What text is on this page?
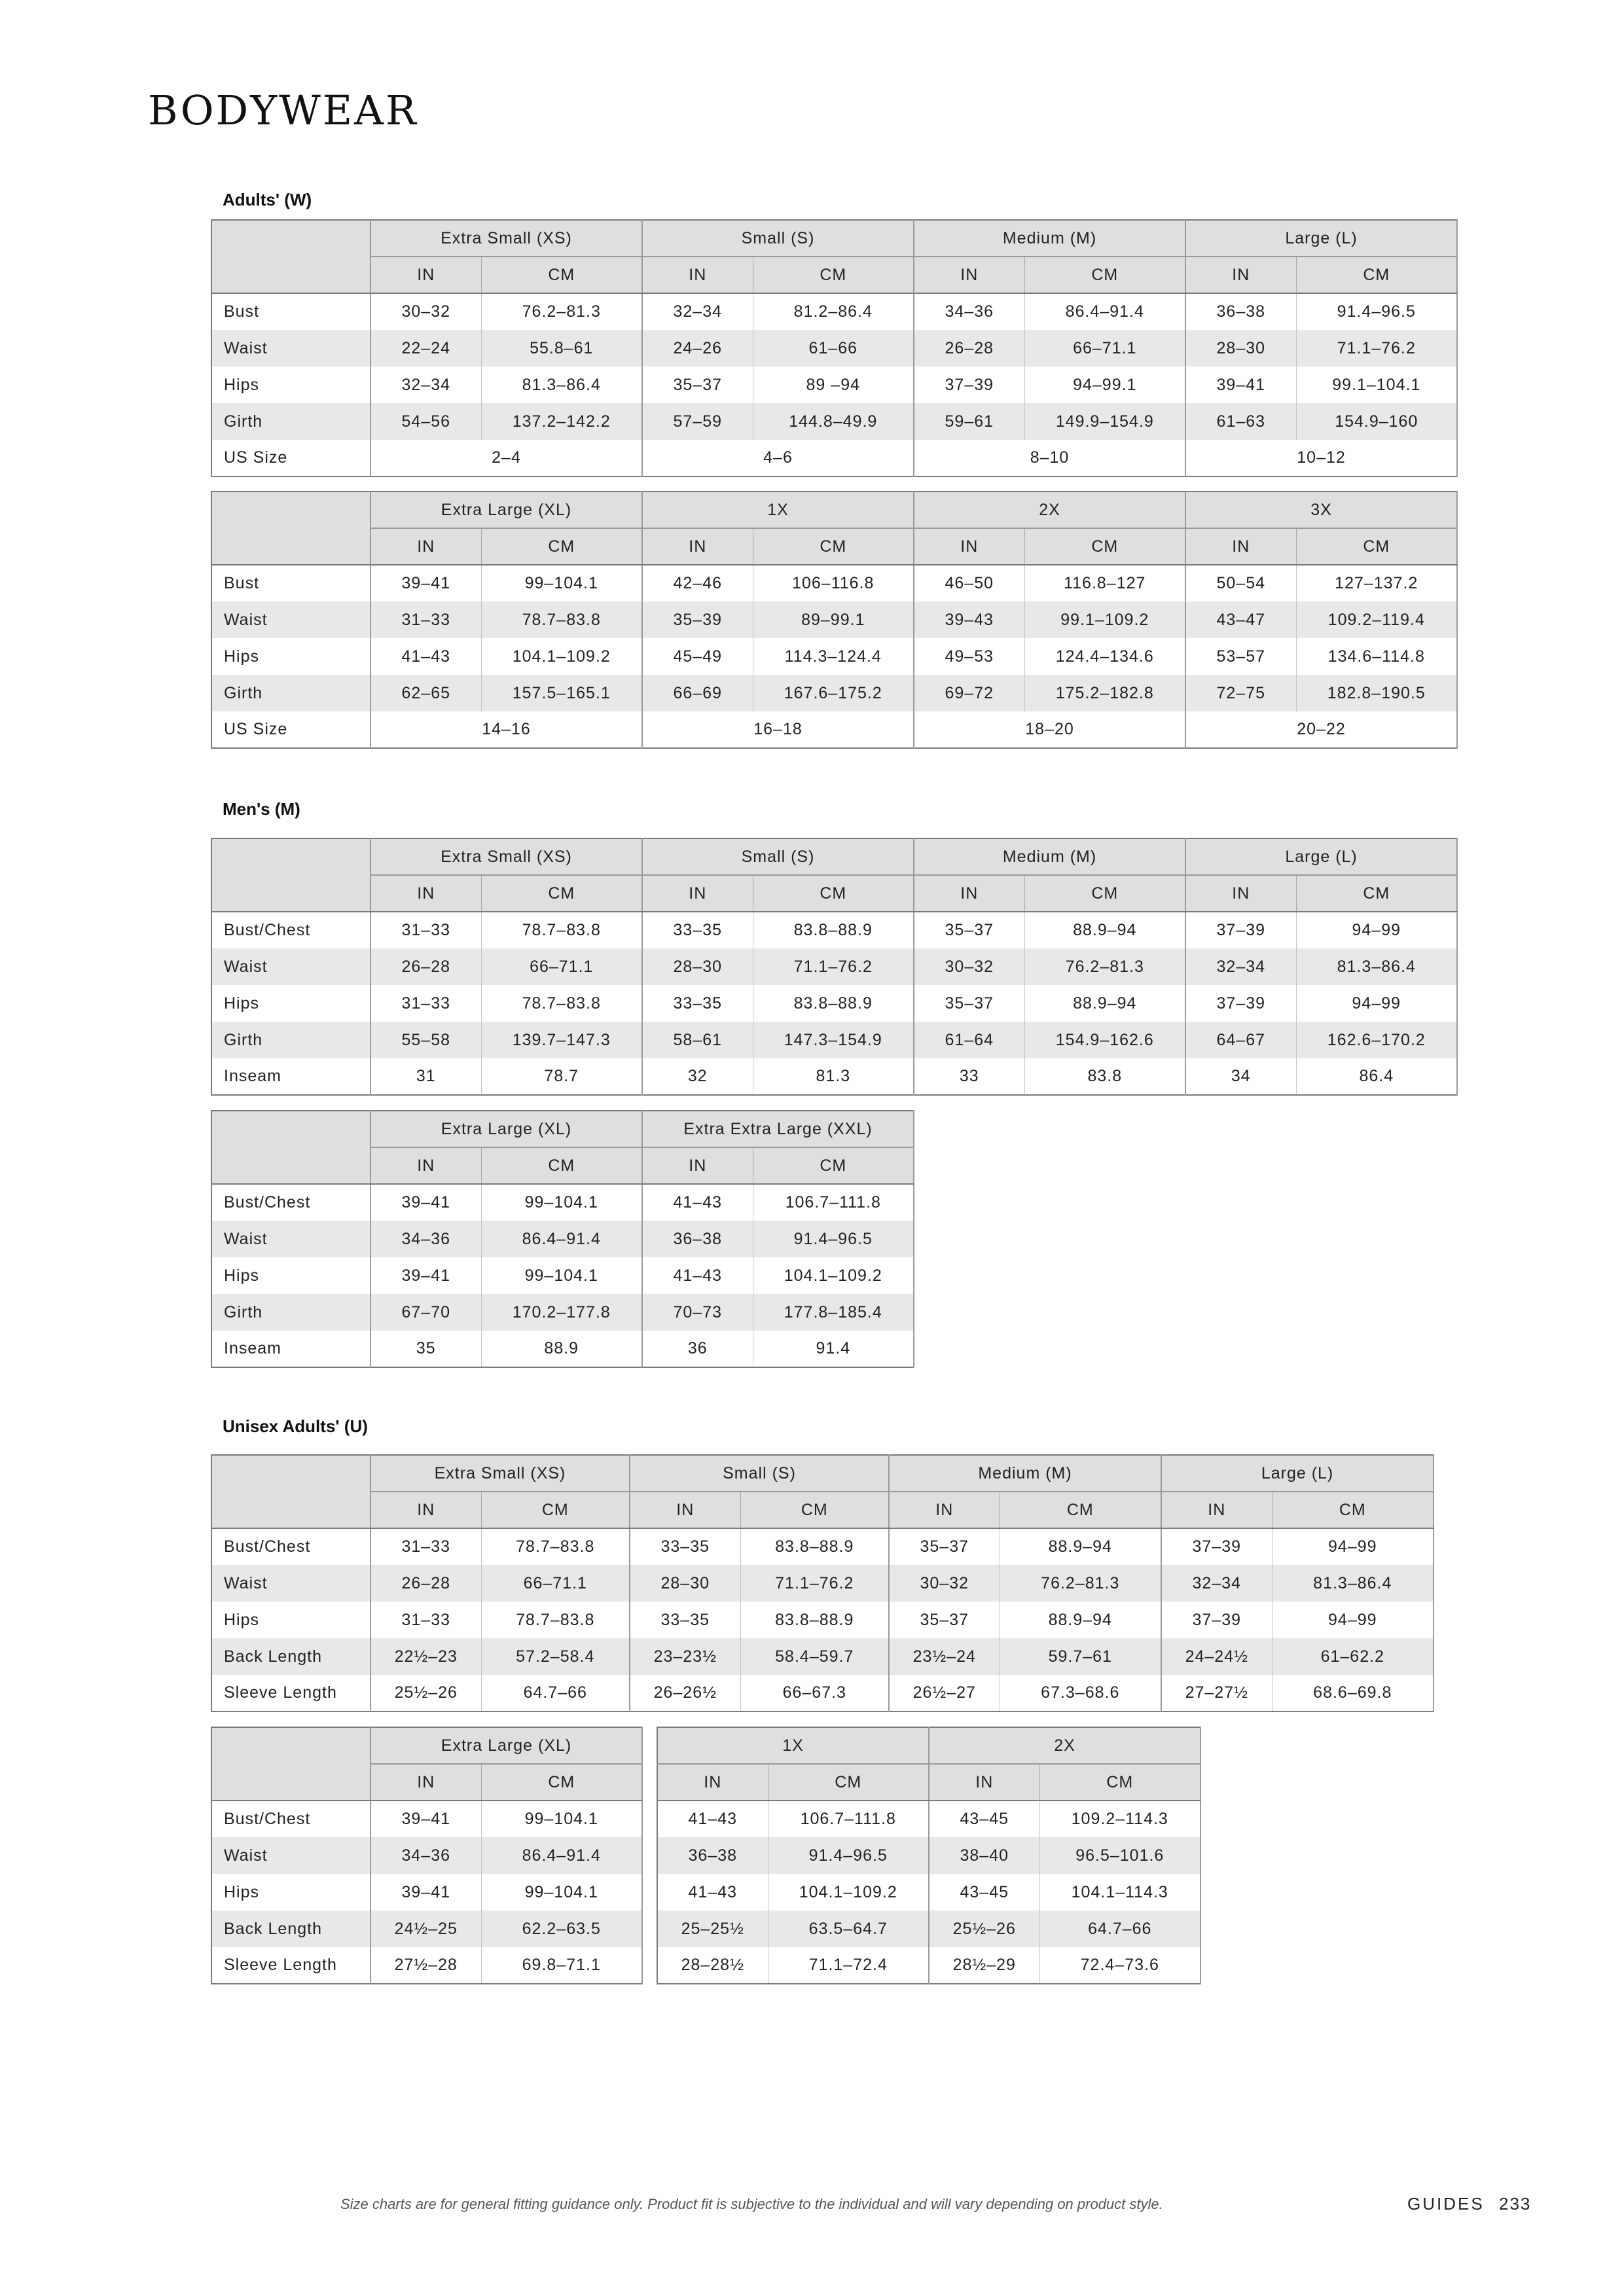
BODYWEAR
Adults' (W)
Men's (M)
Unisex Adults' (U)
	Extra Small (XS)		Small (S)		Medium (M)		Large (L)	
	IN	CM	IN	CM	IN	CM	IN	CM
Bust	30–32	76.2–81.3	32–34	81.2–86.4	34–36	86.4–91.4	36–38	91.4–96.5
Waist	22–24	55.8–61	24–26	61–66	26–28	66–71.1	28–30	71.1–76.2
Hips	32–34	81.3–86.4	35–37	89 –94	37–39	94–99.1	39–41	99.1–104.1
Girth	54–56	137.2–142.2	57–59	144.8–49.9	59–61	149.9–154.9	61–63	154.9–160
US Size	2–4		4–6		8–10		10–12	
	Extra Large (XL)		1X		2X		3X	
	IN	CM	IN	CM	IN	CM	IN	CM
Bust	39–41	99–104.1	42–46	106–116.8	46–50	116.8–127	50–54	127–137.2
Waist	31–33	78.7–83.8	35–39	89–99.1	39–43	99.1–109.2	43–47	109.2–119.4
Hips	41–43	104.1–109.2	45–49	114.3–124.4	49–53	124.4–134.6	53–57	134.6–114.8
Girth	62–65	157.5–165.1	66–69	167.6–175.2	69–72	175.2–182.8	72–75	182.8–190.5
US Size	14–16		16–18		18–20		20–22	
	Extra Small (XS)		Small (S)		Medium (M)		Large (L)	
	IN	CM	IN	CM	IN	CM	IN	CM
Bust/Chest	31–33	78.7–83.8	33–35	83.8–88.9	35–37	88.9–94	37–39	94–99
Waist	26–28	66–71.1	28–30	71.1–76.2	30–32	76.2–81.3	32–34	81.3–86.4
Hips	31–33	78.7–83.8	33–35	83.8–88.9	35–37	88.9–94	37–39	94–99
Girth	55–58	139.7–147.3	58–61	147.3–154.9	61–64	154.9–162.6	64–67	162.6–170.2
Inseam	31	78.7	32	81.3	33	83.8	34	86.4
	Extra Large (XL)		Extra Extra Large (XXL)	
	IN	CM	IN	CM
Bust/Chest	39–41	99–104.1	41–43	106.7–111.8
Waist	34–36	86.4–91.4	36–38	91.4–96.5
Hips	39–41	99–104.1	41–43	104.1–109.2
Girth	67–70	170.2–177.8	70–73	177.8–185.4
Inseam	35	88.9	36	91.4
	Extra Small (XS)		Small (S)		Medium (M)		Large (L)	
	IN	CM	IN	CM	IN	CM	IN	CM
Bust/Chest	31–33	78.7–83.8	33–35	83.8–88.9	35–37	88.9–94	37–39	94–99
Waist	26–28	66–71.1	28–30	71.1–76.2	30–32	76.2–81.3	32–34	81.3–86.4
Hips	31–33	78.7–83.8	33–35	83.8–88.9	35–37	88.9–94	37–39	94–99
Back Length	22½–23	57.2–58.4	23–23½	58.4–59.7	23½–24	59.7–61	24–24½	61–62.2
Sleeve Length	25½–26	64.7–66	26–26½	66–67.3	26½–27	67.3–68.6	27–27½	68.6–69.8
	Extra Large (XL)	
	IN	CM
Bust/Chest	39–41	99–104.1
Waist	34–36	86.4–91.4
Hips	39–41	99–104.1
Back Length	24½–25	62.2–63.5
Sleeve Length	27½–28	69.8–71.1
1X		2X	
IN	CM	IN	CM
41–43	106.7–111.8	43–45	109.2–114.3
36–38	91.4–96.5	38–40	96.5–101.6
41–43	104.1–109.2	43–45	104.1–114.3
25–25½	63.5–64.7	25½–26	64.7–66
28–28½	71.1–72.4	28½–29	72.4–73.6
Size charts are for general fitting guidance only. Product fit is subjective to the individual and will vary depending on product style.	GUIDES 233
